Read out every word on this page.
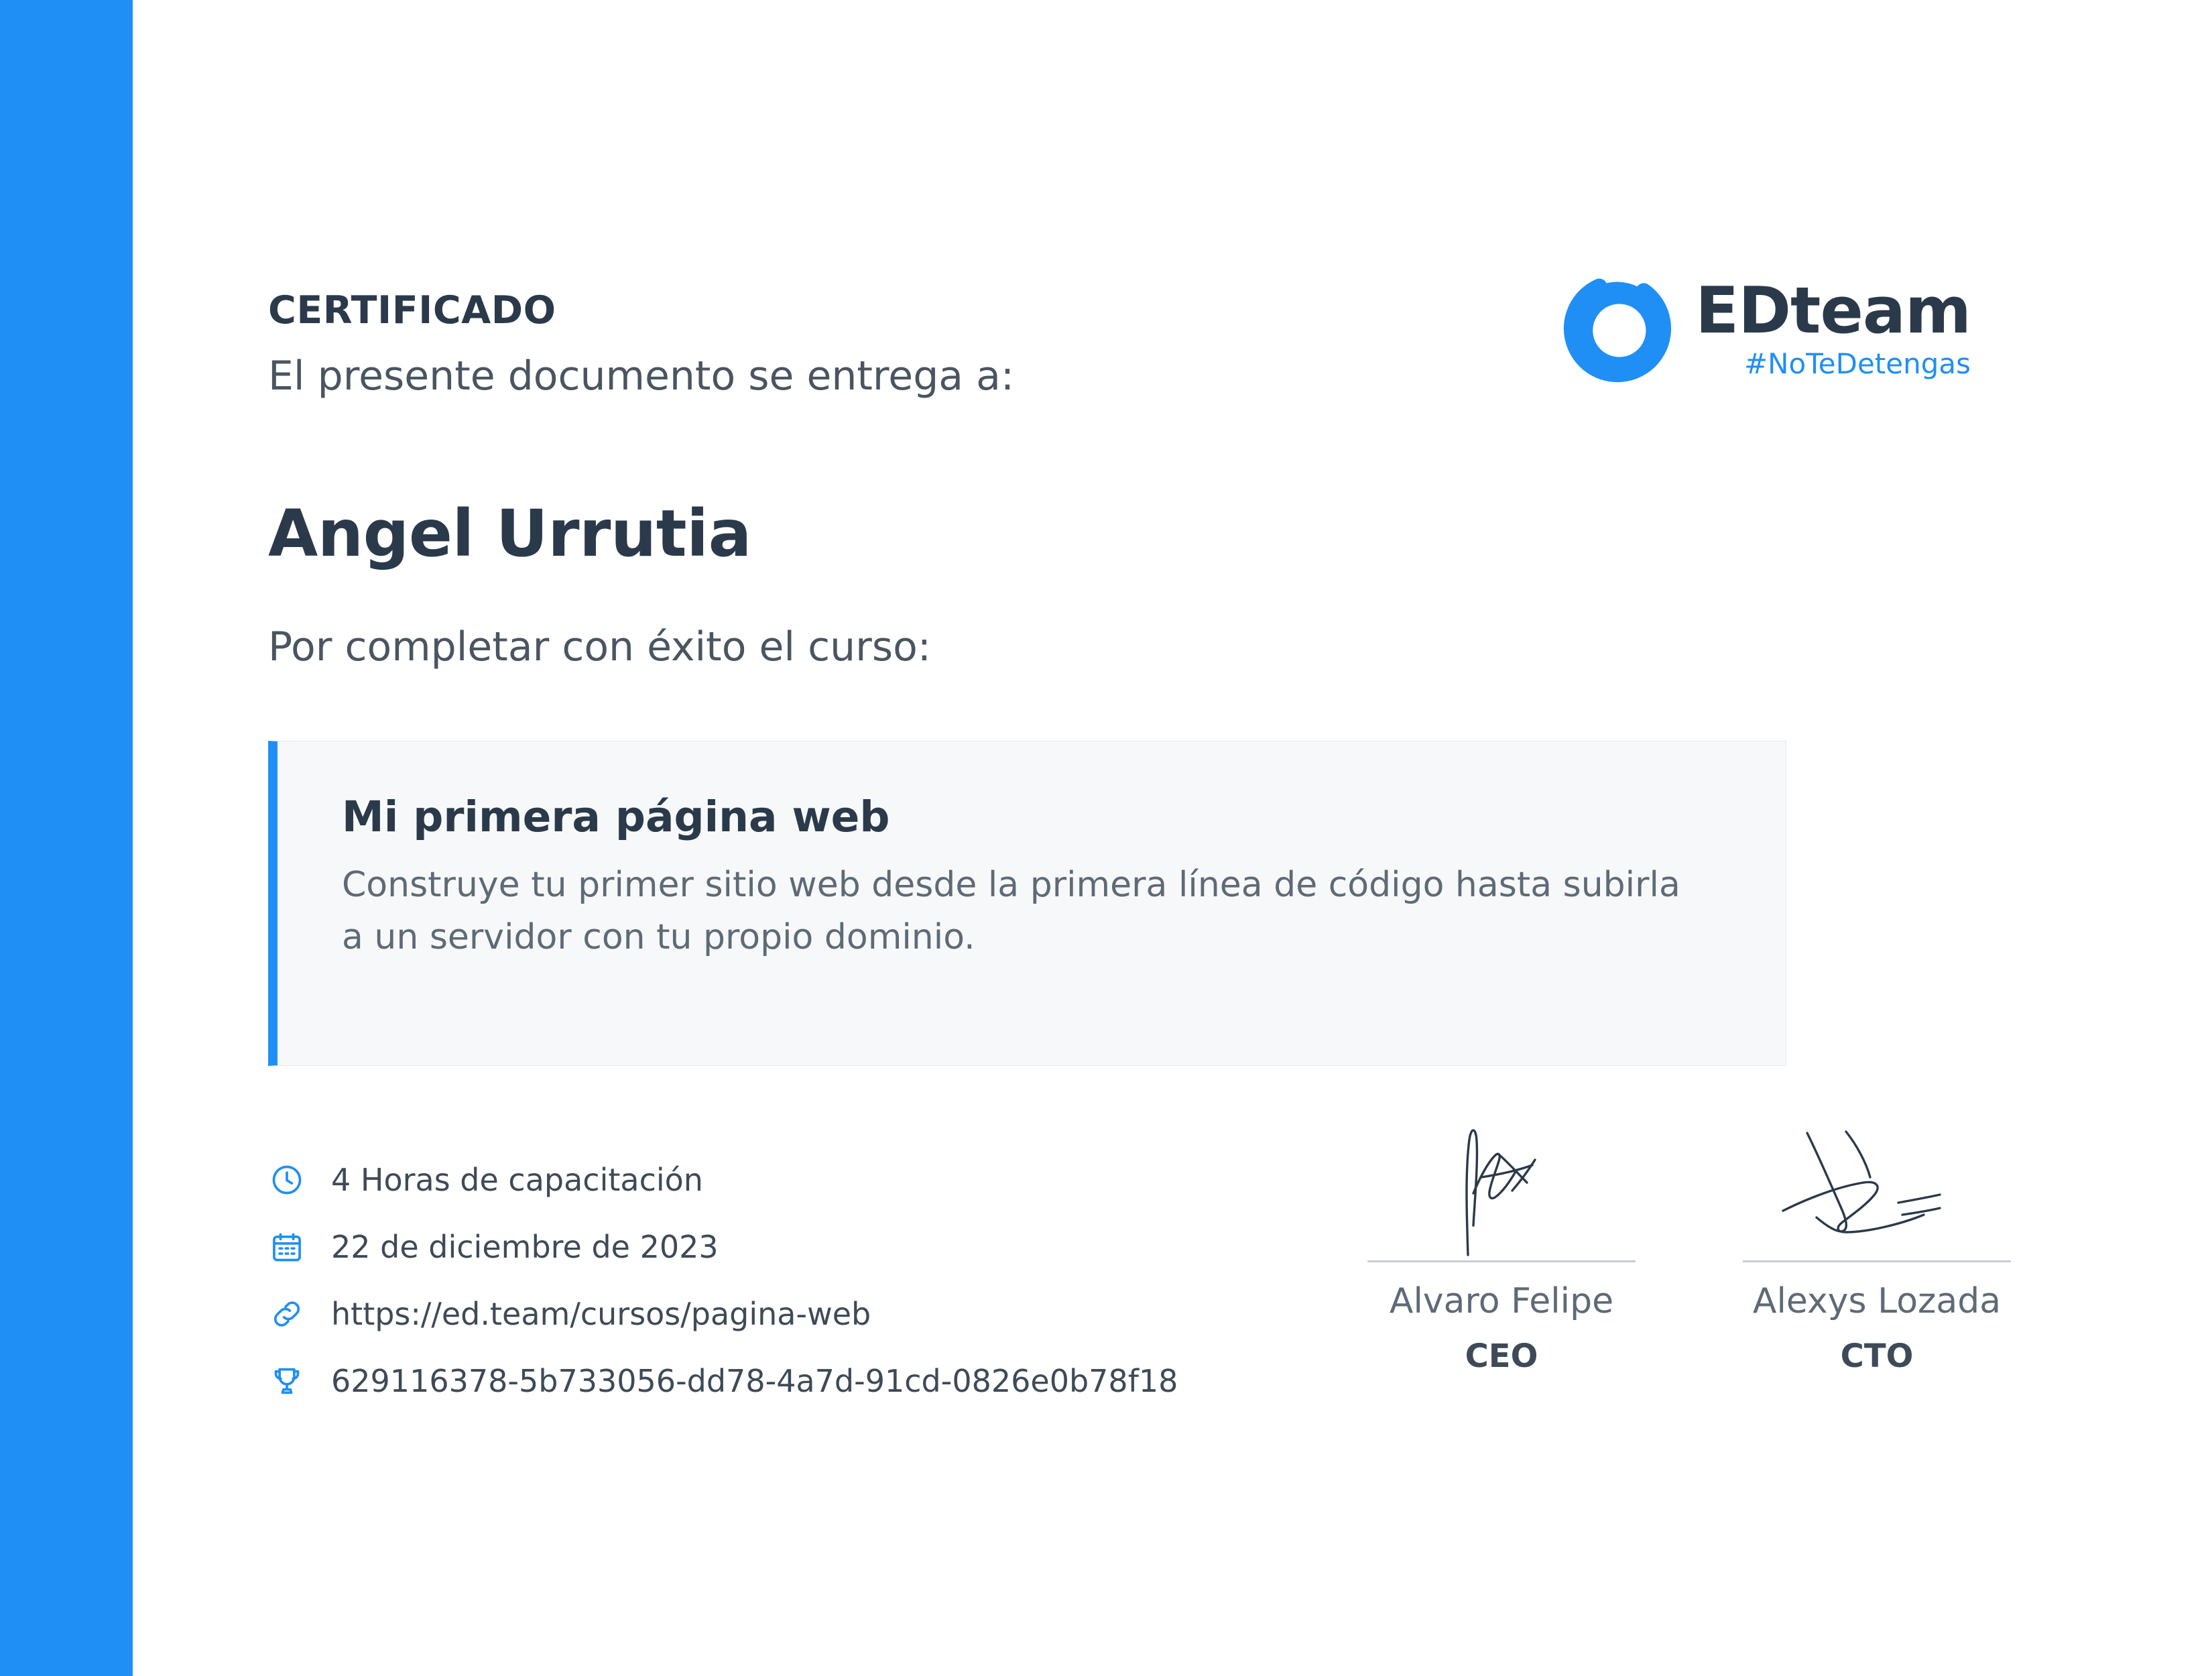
CERTIFICADO
El presente documento se entrega a:
Angel Urrutia
Por completar con éxito el curso:
EDteam
#NoTeDetengas
Mi primera página web
Construye tu primer sitio web desde la primera línea de código hasta subirla a un servidor con tu propio dominio.
4 Horas de capacitación
22 de diciembre de 2023
https://ed.team/cursos/pagina-web
629116378-5b733056-dd78-4a7d-91cd-0826e0b78f18
Alvaro Felipe
CEO
Alexys Lozada
CTO
